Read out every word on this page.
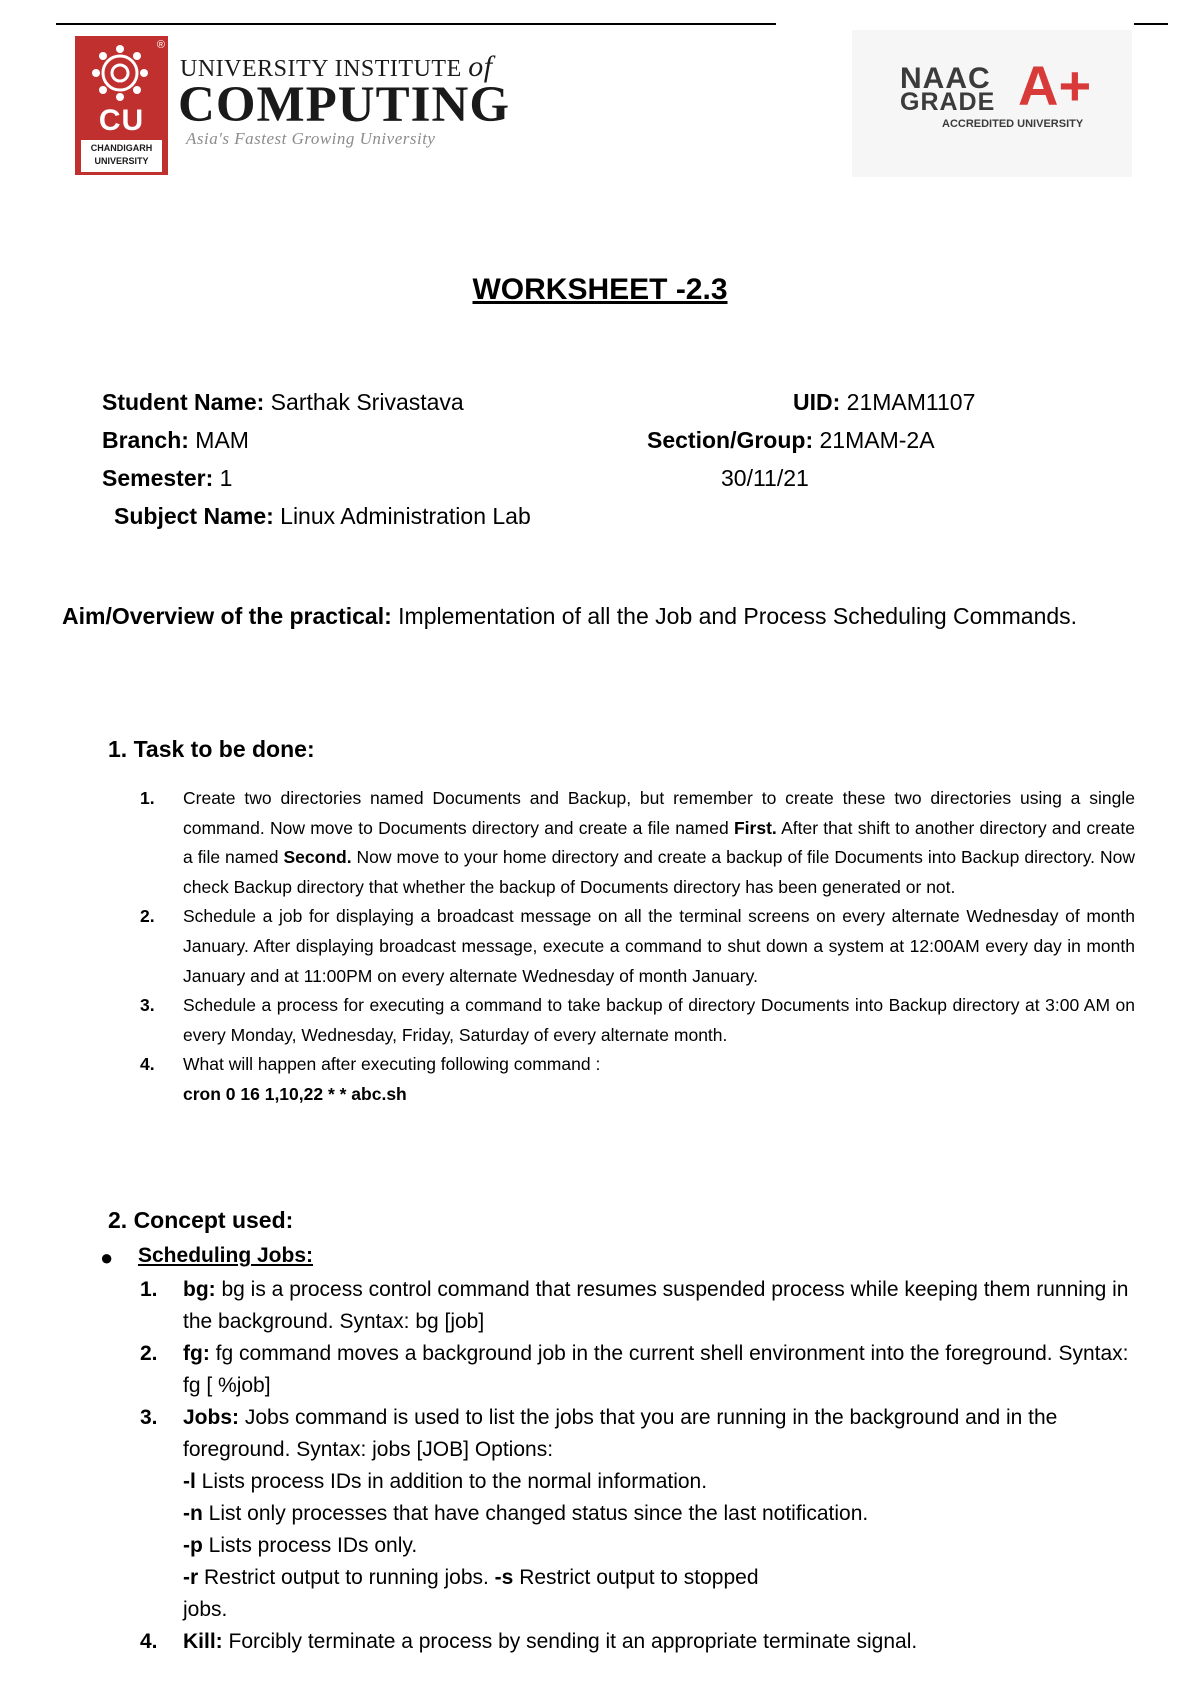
®
CU
CHANDIGARH UNIVERSITY
UNIVERSITY INSTITUTE of
COMPUTING
Asia's Fastest Growing University
NAAC
GRADE A+
ACCREDITED UNIVERSITY
WORKSHEET -2.3
Student Name: Sarthak Srivastava	UID: 21MAM1107
Branch: MAM	Section/Group: 21MAM-2A
Semester: 1	30/11/21
Subject Name: Linux Administration Lab
Aim/Overview of the practical: Implementation of all the Job and Process Scheduling Commands.
1. Task to be done:
1. Create two directories named Documents and Backup, but remember to create these two directories using a single command. Now move to Documents directory and create a file named First. After that shift to another directory and create a file named Second. Now move to your home directory and create a backup of file Documents into Backup directory. Now check Backup directory that whether the backup of Documents directory has been generated or not.
2. Schedule a job for displaying a broadcast message on all the terminal screens on every alternate Wednesday of month January. After displaying broadcast message, execute a command to shut down a system at 12:00AM every day in month January and at 11:00PM on every alternate Wednesday of month January.
3. Schedule a process for executing a command to take backup of directory Documents into Backup directory at 3:00 AM on every Monday, Wednesday, Friday, Saturday of every alternate month.
4. What will happen after executing following command :
cron 0 16 1,10,22 * * abc.sh
2. Concept used:
● Scheduling Jobs:
1. bg: bg is a process control command that resumes suspended process while keeping them running in the background. Syntax: bg [job]
2. fg: fg command moves a background job in the current shell environment into the foreground. Syntax: fg [ %job]
3. Jobs: Jobs command is used to list the jobs that you are running in the background and in the foreground. Syntax: jobs [JOB] Options:
-l Lists process IDs in addition to the normal information.
-n List only processes that have changed status since the last notification.
-p Lists process IDs only.
-r Restrict output to running jobs. -s Restrict output to stopped jobs.
4. Kill: Forcibly terminate a process by sending it an appropriate terminate signal.
